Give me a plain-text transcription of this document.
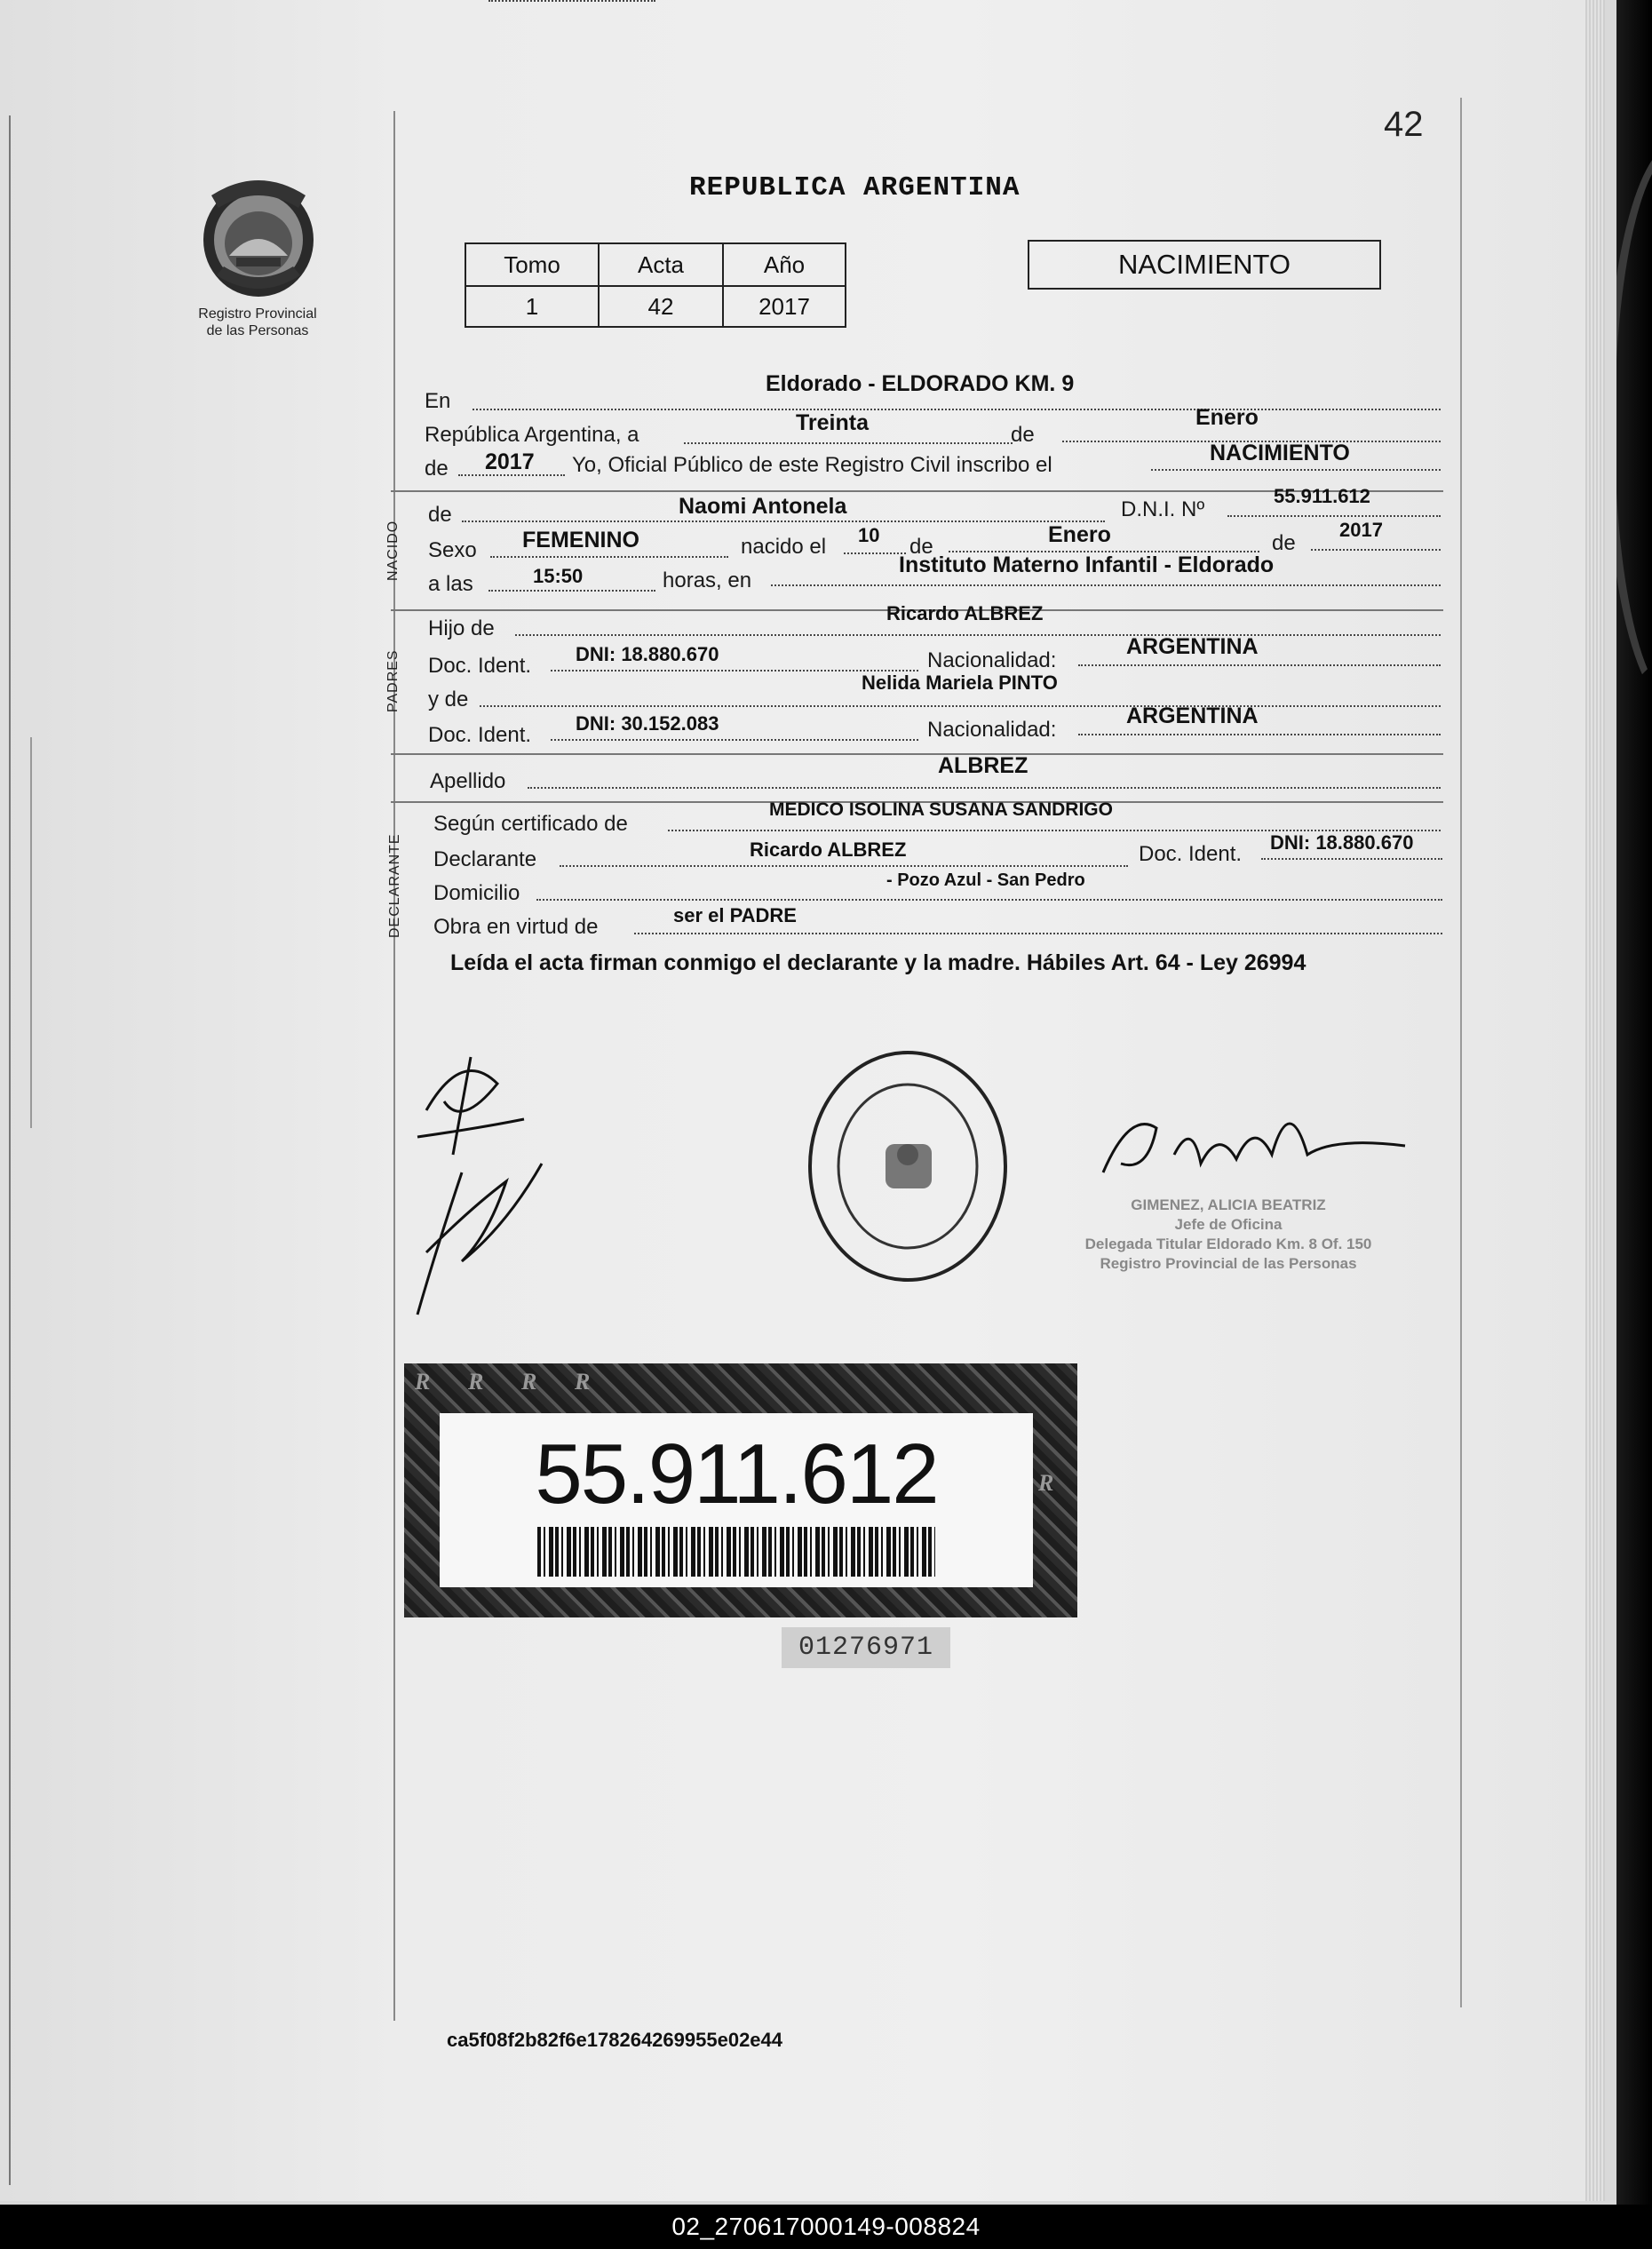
42
REPUBLICA ARGENTINA
Registro Provincial
de las Personas
Tomo	Acta	Año
1	42	2017
NACIMIENTO
En
Eldorado - ELDORADO KM. 9
República Argentina, a	Treinta	de
Enero
de 2017 Yo, Oficial Público de este Registro Civil inscribo el	NACIMIENTO
NACIDO
de	Naomi Antonela	D.N.I. Nº
55.911.612
Sexo FEMENINO	nacido el 10 de	Enero	de
2017
a las	15:50	horas, en
Instituto Materno Infantil - Eldorado
PADRES
Hijo de
Ricardo ALBREZ
Doc. Ident. DNI: 18.880.670	Nacionalidad:
ARGENTINA
y de
Nelida Mariela PINTO
Doc. Ident. DNI: 30.152.083	Nacionalidad:
ARGENTINA
Apellido
ALBREZ
DECLARANTE
Según certificado de
MEDICO ISOLINA SUSANA SANDRIGO
Declarante	Ricardo ALBREZ	Doc. Ident. DNI: 18.880.670
Domicilio
- Pozo Azul - San Pedro
Obra en virtud de	ser el PADRE
Leída el acta firman conmigo el declarante y la madre. Hábiles Art. 64 - Ley 26994
GIMENEZ, ALICIA BEATRIZ
Jefe de Oficina
Delegada Titular Eldorado Km. 8 Of. 150
Registro Provincial de las Personas
R R R R
R
55.911.612
01276971
ca5f08f2b82f6e178264269955e02e44
02_270617000149-008824
